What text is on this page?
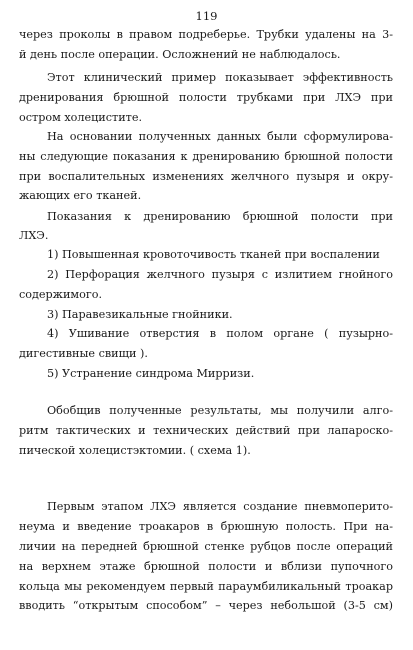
119
через проколы в правом подреберье. Трубки удалены на 3-
й день после операции. Осложнений не наблюдалось.
Этот клинический пример показывает эффективность
дренирования брюшной полости трубками при ЛХЭ при
остром холецистите.
На основании полученных данных были сформулирова-
ны следующие показания к дренированию брюшной полости
при воспалительных изменениях желчного пузыря и окру-
жающих его тканей.
Показания к дренированию брюшной полости при
ЛХЭ.
1) Повышенная кровоточивость тканей при воспалении
2) Перфорация желчного пузыря с излитием гнойного
содержимого.
3) Паравезикальные гнойники.
4) Ушивание отверстия в полом органе ( пузырно-
дигестивные свищи ).
5) Устранение синдрома Мирризи.
Обобщив полученные результаты, мы получили алго-
ритм тактических и технических действий при лапароско-
пической холецистэктомии. ( схема 1).
Первым этапом ЛХЭ является создание пневмоперито-
неума и введение троакаров в брюшную полость. При на-
личии на передней брюшной стенке рубцов после операций
на верхнем этаже брюшной полости и вблизи пупочного
кольца мы рекомендуем первый параумбиликальный троакар
вводить “открытым способом” – через небольшой (3-5 см)
